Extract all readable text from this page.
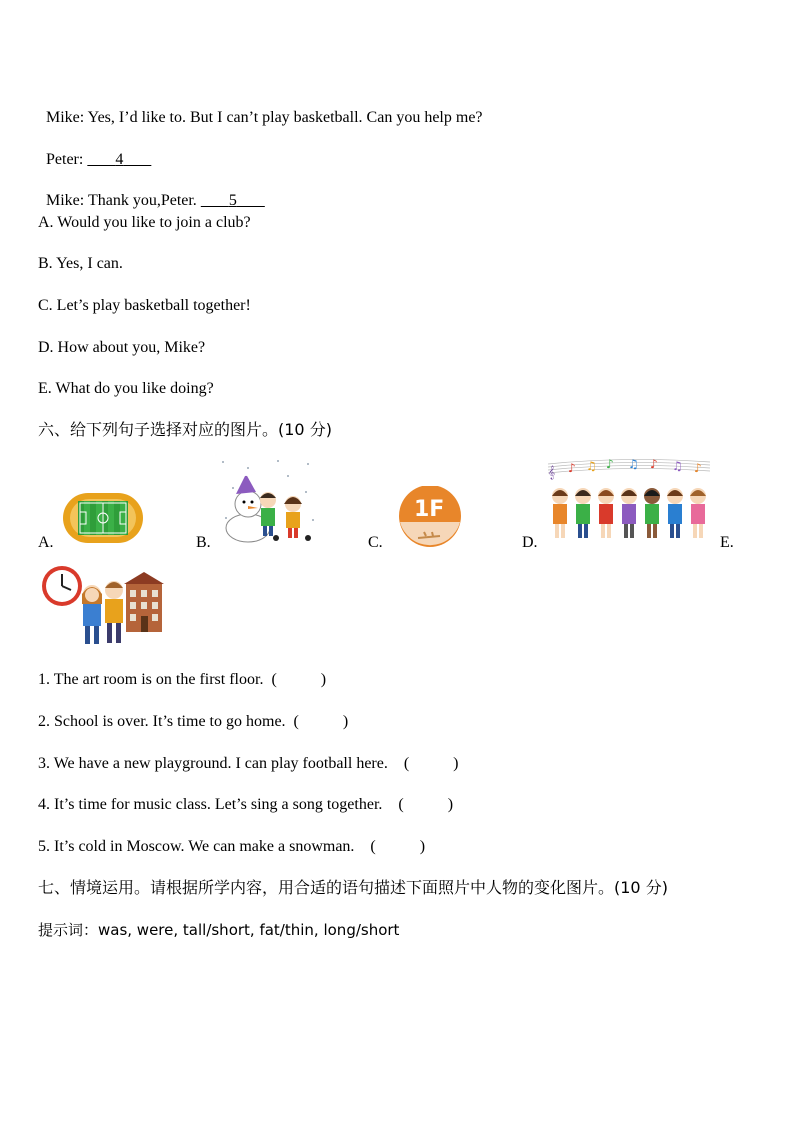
Mike: Yes, I’d like to. But I can’t play basketball. Can you help me?

Peter: 4

Mike: Thank you,Peter. 5

A. Would you like to join a club?
B. Yes, I can.
C. Let’s play basketball together!
D. How about you, Mike?
E. What do you like doing?
六、给下列句子选择对应的图片。(10 分)
A.	B.	C.	D.	E.
1F
𝄞 ♪ ♫ ♪ ♫ ♪ ♫ ♪
1. The art room is on the first floor. (	)
2. School is over. It’s time to go home. (	)
3. We have a new playground. I can play football here. (	)
4. It’s time for music class. Let’s sing a song together. (	)
5. It’s cold in Moscow. We can make a snowman. (	)
七、情境运用。请根据所学内容，用合适的语句描述下面照片中人物的变化图片。(10 分)
提示词：was, were, tall/short, fat/thin, long/short
